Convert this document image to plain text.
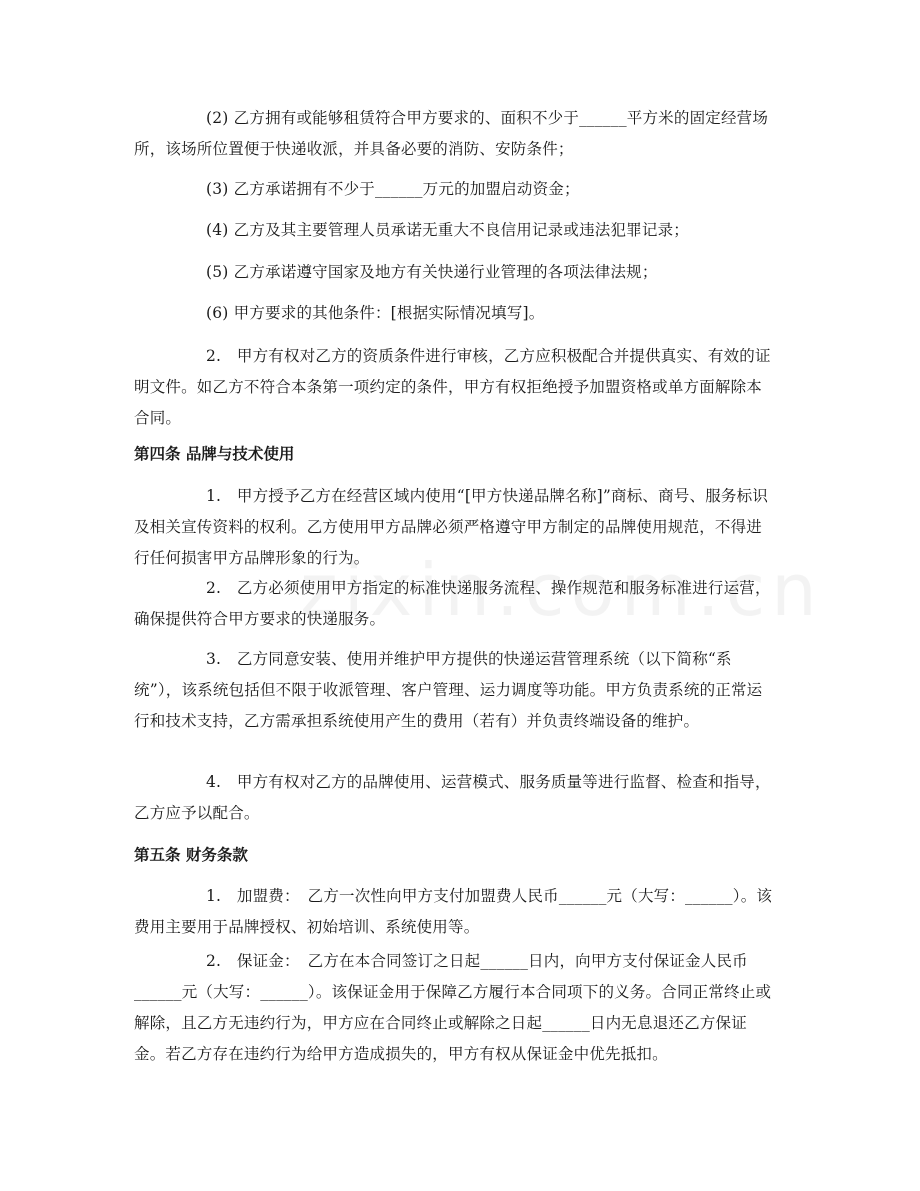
(2) 乙方拥有或能够租赁符合甲方要求的、面积不少于______平方米的固定经营场所，该场所位置便于快递收派，并具备必要的消防、安防条件；
(3) 乙方承诺拥有不少于______万元的加盟启动资金；
(4) 乙方及其主要管理人员承诺无重大不良信用记录或违法犯罪记录；
(5) 乙方承诺遵守国家及地方有关快递行业管理的各项法律法规；
(6) 甲方要求的其他条件：[根据实际情况填写]。
2.　甲方有权对乙方的资质条件进行审核，乙方应积极配合并提供真实、有效的证明文件。如乙方不符合本条第一项约定的条件，甲方有权拒绝授予加盟资格或单方面解除本合同。
第四条 品牌与技术使用
1.　甲方授予乙方在经营区域内使用“[甲方快递品牌名称]”商标、商号、服务标识及相关宣传资料的权利。乙方使用甲方品牌必须严格遵守甲方制定的品牌使用规范，不得进行任何损害甲方品牌形象的行为。
2.　乙方必须使用甲方指定的标准快递服务流程、操作规范和服务标准进行运营，确保提供符合甲方要求的快递服务。
3.　乙方同意安装、使用并维护甲方提供的快递运营管理系统（以下简称“系统”），该系统包括但不限于收派管理、客户管理、运力调度等功能。甲方负责系统的正常运行和技术支持，乙方需承担系统使用产生的费用（若有）并负责终端设备的维护。
4.　甲方有权对乙方的品牌使用、运营模式、服务质量等进行监督、检查和指导，乙方应予以配合。
第五条 财务条款
1.　加盟费：　乙方一次性向甲方支付加盟费人民币______元（大写：______）。该费用主要用于品牌授权、初始培训、系统使用等。
2.　保证金：　乙方在本合同签订之日起______日内，向甲方支付保证金人民币______元（大写：______）。该保证金用于保障乙方履行本合同项下的义务。合同正常终止或解除，且乙方无违约行为，甲方应在合同终止或解除之日起______日内无息退还乙方保证金。若乙方存在违约行为给甲方造成损失的，甲方有权从保证金中优先抵扣。
